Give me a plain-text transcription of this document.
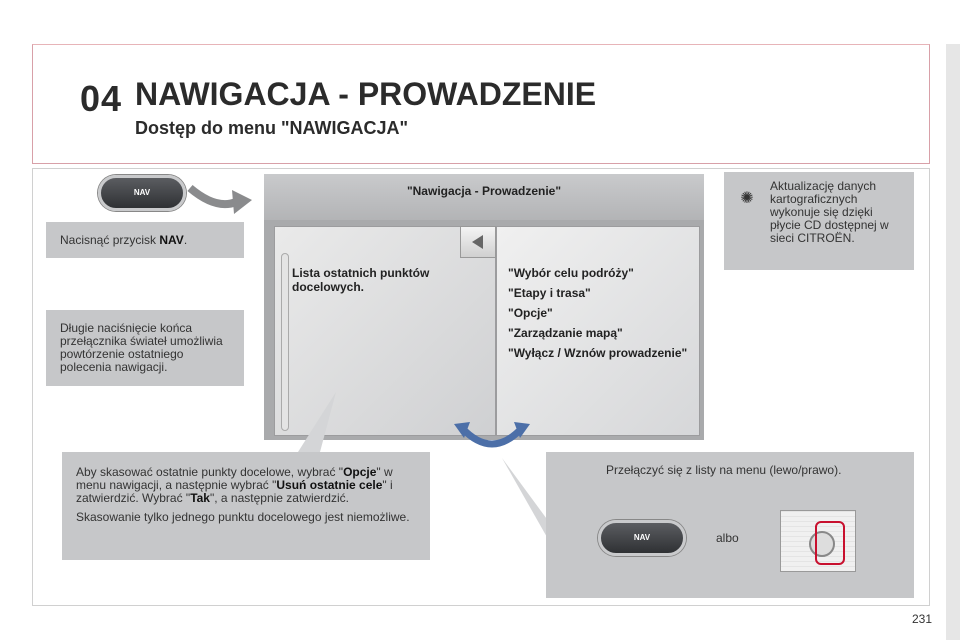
04 NAWIGACJA - PROWADZENIE
Dostęp do menu "NAWIGACJA"
NAV
Nacisnąć przycisk NAV.
Długie naciśnięcie końca przełącznika świateł umożliwia powtórzenie ostatniego polecenia nawigacji.
"Nawigacja - Prowadzenie"
Lista ostatnich punktów docelowych.
"Wybór celu podróży"
"Etapy i trasa"
"Opcje"
"Zarządzanie mapą"
"Wyłącz / Wznów prowadzenie"

Aby skasować ostatnie punkty docelowe, wybrać "Opcje" w menu nawigacji, a następnie wybrać "Usuń ostatnie cele" i zatwierdzić. Wybrać "Tak", a następnie zatwierdzić.

Skasowanie tylko jednego punktu docelowego jest niemożliwe.

✺
Aktualizację danych kartograficznych wykonuje się dzięki płycie CD dostępnej w sieci CITROËN.
Przełączyć się z listy na menu (lewo/prawo).
albo
NAV
231
